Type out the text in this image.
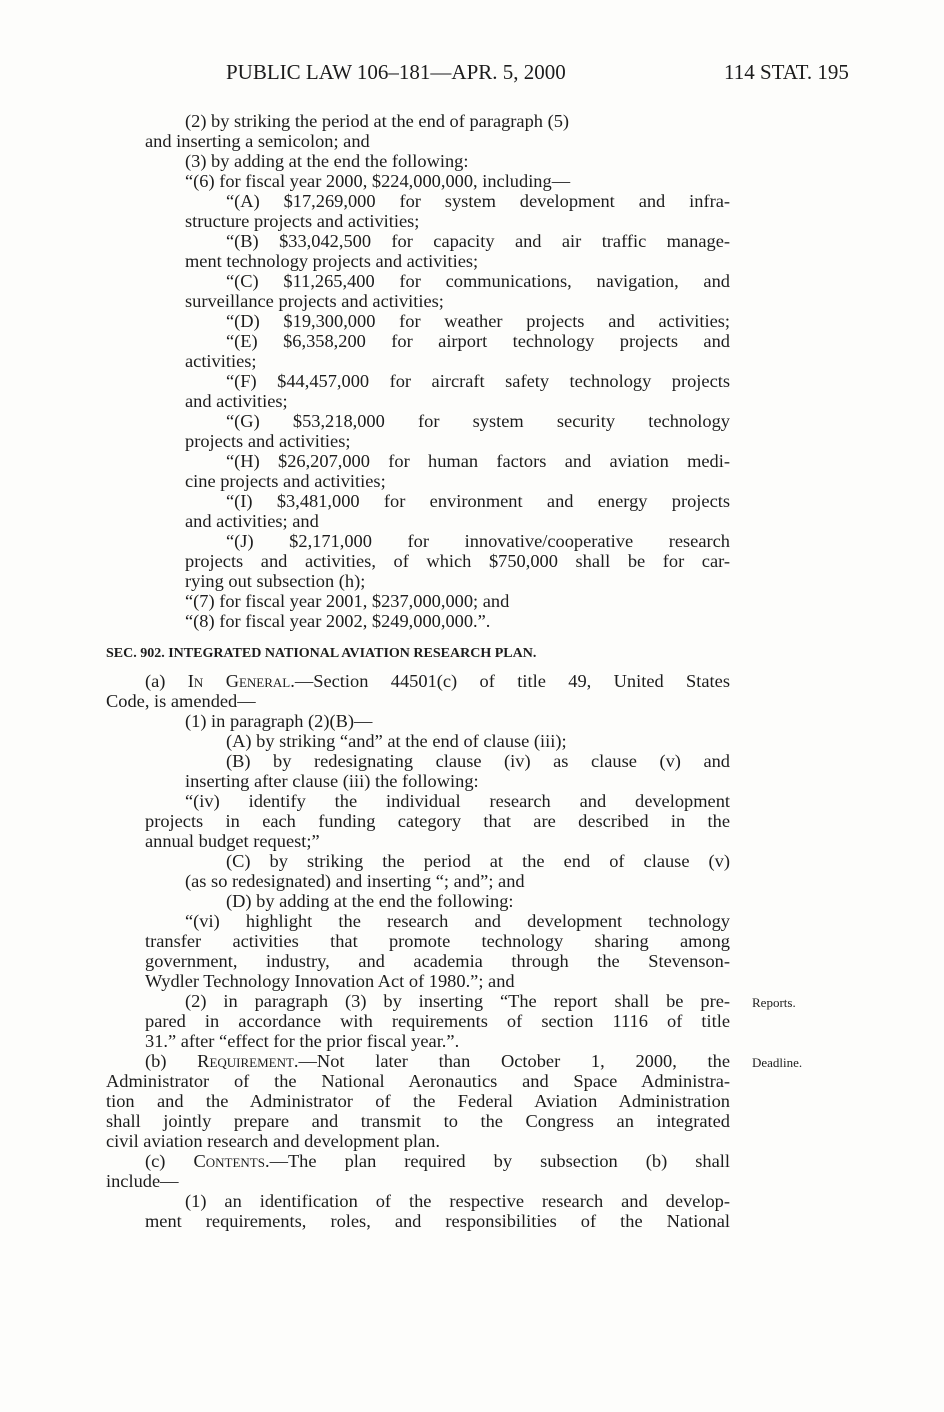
PUBLIC LAW 106–181—APR. 5, 2000	114 STAT. 195
(2) by striking the period at the end of paragraph (5)
and inserting a semicolon; and
(3) by adding at the end the following:
“(6) for fiscal year 2000, $224,000,000, including—
“(A) $17,269,000 for system development and infra-
structure projects and activities;
“(B) $33,042,500 for capacity and air traffic manage-
ment technology projects and activities;
“(C) $11,265,400 for communications, navigation, and
surveillance projects and activities;
“(D) $19,300,000 for weather projects and activities;
“(E) $6,358,200 for airport technology projects and
activities;
“(F) $44,457,000 for aircraft safety technology projects
and activities;
“(G) $53,218,000 for system security technology
projects and activities;
“(H) $26,207,000 for human factors and aviation medi-
cine projects and activities;
“(I) $3,481,000 for environment and energy projects
and activities; and
“(J) $2,171,000 for innovative/cooperative research
projects and activities, of which $750,000 shall be for car-
rying out subsection (h);
“(7) for fiscal year 2001, $237,000,000; and
“(8) for fiscal year 2002, $249,000,000.”.
SEC. 902. INTEGRATED NATIONAL AVIATION RESEARCH PLAN.
(a) In General.—Section 44501(c) of title 49, United States
Code, is amended—
(1) in paragraph (2)(B)—
(A) by striking “and” at the end of clause (iii);
(B) by redesignating clause (iv) as clause (v) and
inserting after clause (iii) the following:
“(iv) identify the individual research and development
projects in each funding category that are described in the
annual budget request;”
(C) by striking the period at the end of clause (v)
(as so redesignated) and inserting “; and”; and
(D) by adding at the end the following:
“(vi) highlight the research and development technology
transfer activities that promote technology sharing among
government, industry, and academia through the Stevenson-
Wydler Technology Innovation Act of 1980.”; and
(2) in paragraph (3) by inserting “The report shall be pre-
pared in accordance with requirements of section 1116 of title
31.” after “effect for the prior fiscal year.”.
(b) Requirement.—Not later than October 1, 2000, the
Administrator of the National Aeronautics and Space Administra-
tion and the Administrator of the Federal Aviation Administration
shall jointly prepare and transmit to the Congress an integrated
civil aviation research and development plan.
(c) Contents.—The plan required by subsection (b) shall
include—
(1) an identification of the respective research and develop-
ment requirements, roles, and responsibilities of the National
Reports.
Deadline.
